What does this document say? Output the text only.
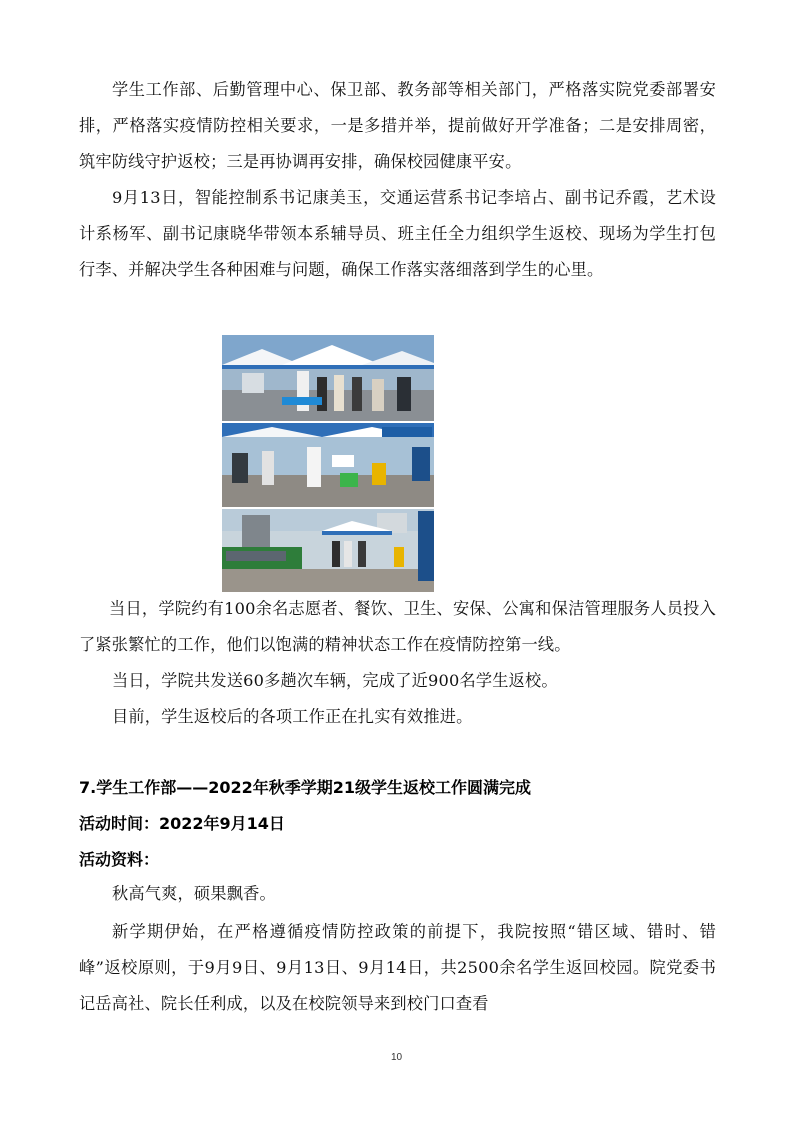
学生工作部、后勤管理中心、保卫部、教务部等相关部门，严格落实院党委部署安排，严格落实疫情防控相关要求，一是多措并举，提前做好开学准备；二是安排周密，筑牢防线守护返校；三是再协调再安排，确保校园健康平安。

9月13日，智能控制系书记康美玉，交通运营系书记李培占、副书记乔霞，艺术设计系杨军、副书记康晓华带领本系辅导员、班主任全力组织学生返校、现场为学生打包行李、并解决学生各种困难与问题，确保工作落实落细落到学生的心里。

当日，学院约有100余名志愿者、餐饮、卫生、安保、公寓和保洁管理服务人员投入了紧张繁忙的工作，他们以饱满的精神状态工作在疫情防控第一线。

当日，学院共发送60多趟次车辆，完成了近900名学生返校。

目前，学生返校后的各项工作正在扎实有效推进。

7.学生工作部——2022年秋季学期21级学生返校工作圆满完成
活动时间：2022年9月14日
活动资料：

秋高气爽，硕果飘香。

新学期伊始，在严格遵循疫情防控政策的前提下，我院按照“错区域、错时、错峰”返校原则，于9月9日、9月13日、9月14日，共2500余名学生返回校园。院党委书记岳高社、院长任利成，以及在校院领导来到校门口查看

10
